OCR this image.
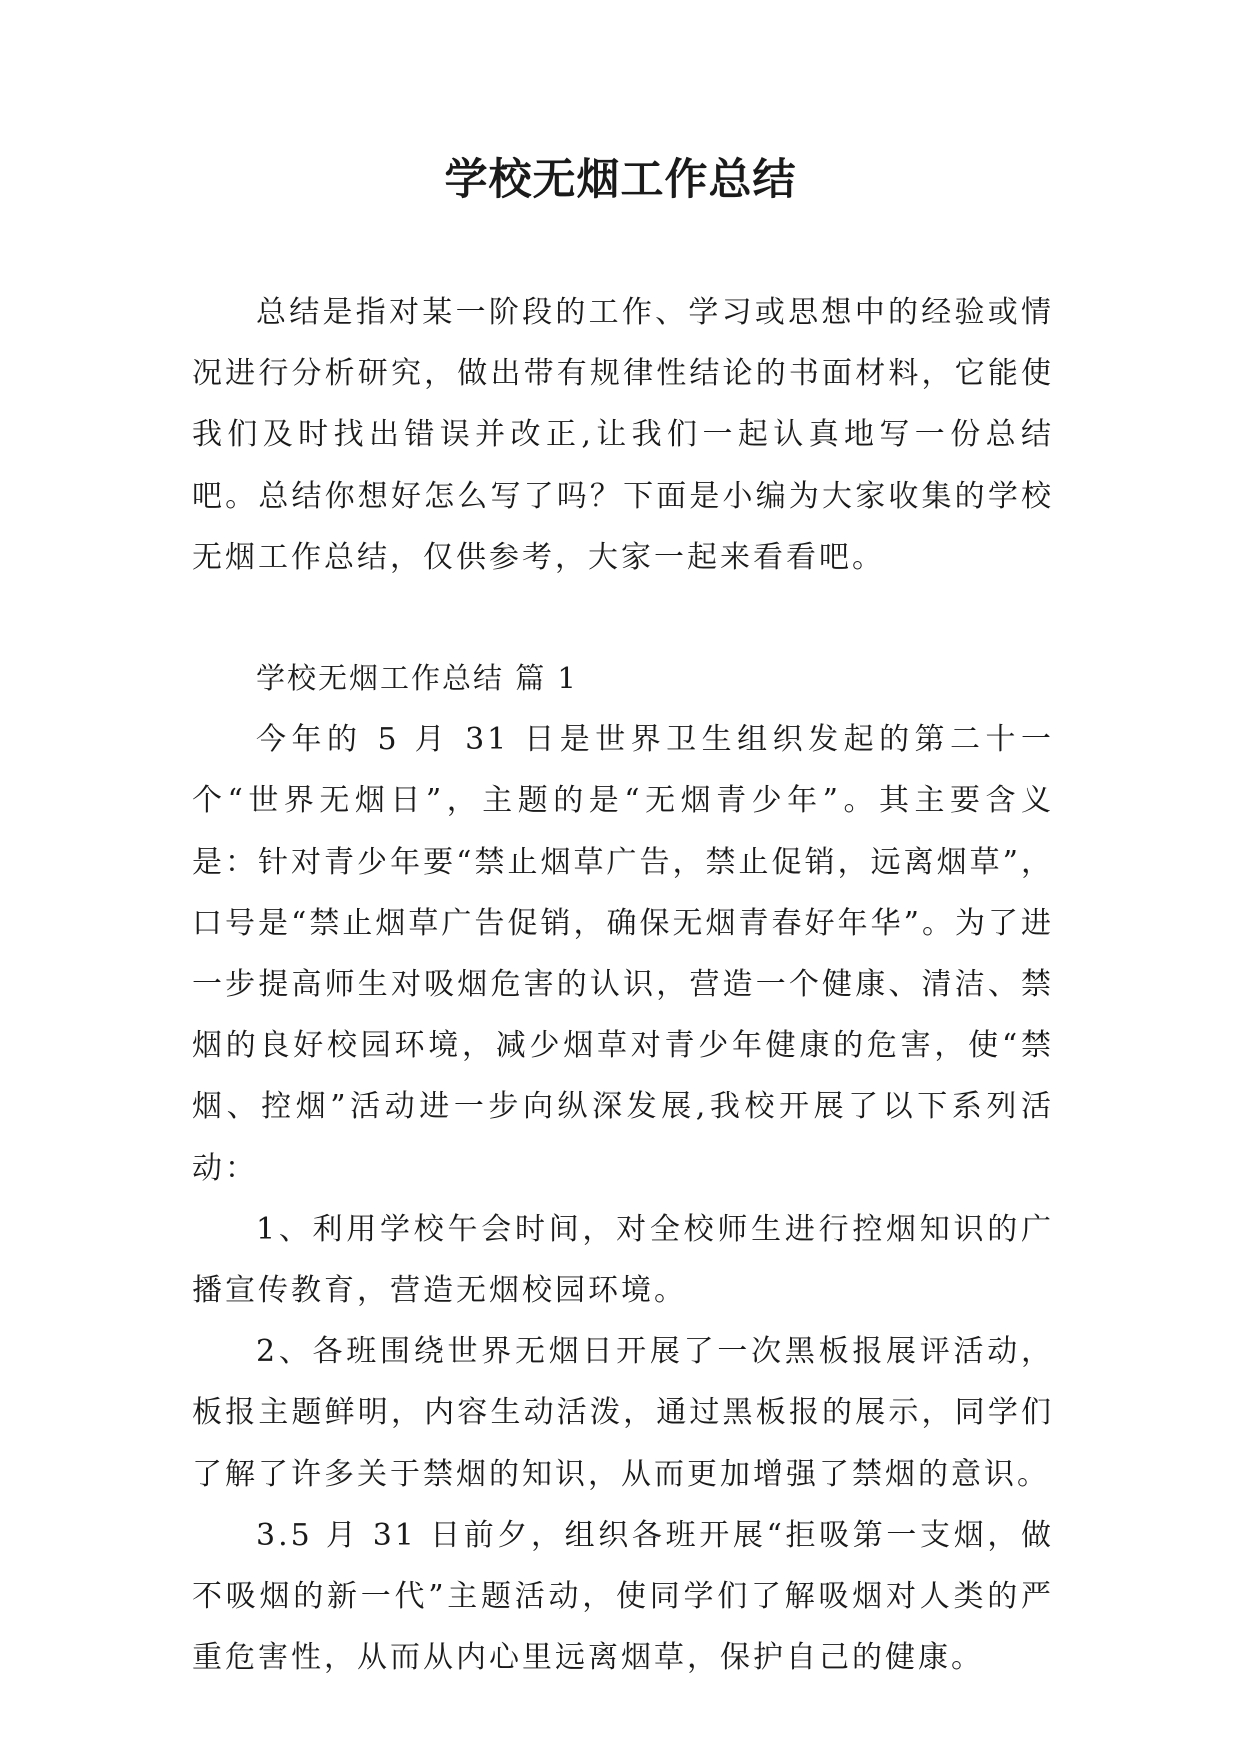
学校无烟工作总结

总结是指对某一阶段的工作、学习或思想中的经验或情况进行分析研究，做出带有规律性结论的书面材料，它能使我们及时找出错误并改正,让我们一起认真地写一份总结吧。总结你想好怎么写了吗？下面是小编为大家收集的学校无烟工作总结，仅供参考，大家一起来看看吧。

学校无烟工作总结 篇 1

今年的 5 月 31 日是世界卫生组织发起的第二十一个“世界无烟日”，主题的是“无烟青少年”。其主要含义是：针对青少年要“禁止烟草广告，禁止促销，远离烟草”，口号是“禁止烟草广告促销，确保无烟青春好年华”。为了进一步提高师生对吸烟危害的认识，营造一个健康、清洁、禁烟的良好校园环境，减少烟草对青少年健康的危害，使“禁烟、控烟”活动进一步向纵深发展,我校开展了以下系列活动：

1、利用学校午会时间，对全校师生进行控烟知识的广播宣传教育，营造无烟校园环境。

2、各班围绕世界无烟日开展了一次黑板报展评活动，板报主题鲜明，内容生动活泼，通过黑板报的展示，同学们了解了许多关于禁烟的知识，从而更加增强了禁烟的意识。

3.5 月 31 日前夕，组织各班开展“拒吸第一支烟，做不吸烟的新一代”主题活动，使同学们了解吸烟对人类的严重危害性，从而从内心里远离烟草，保护自己的健康。
